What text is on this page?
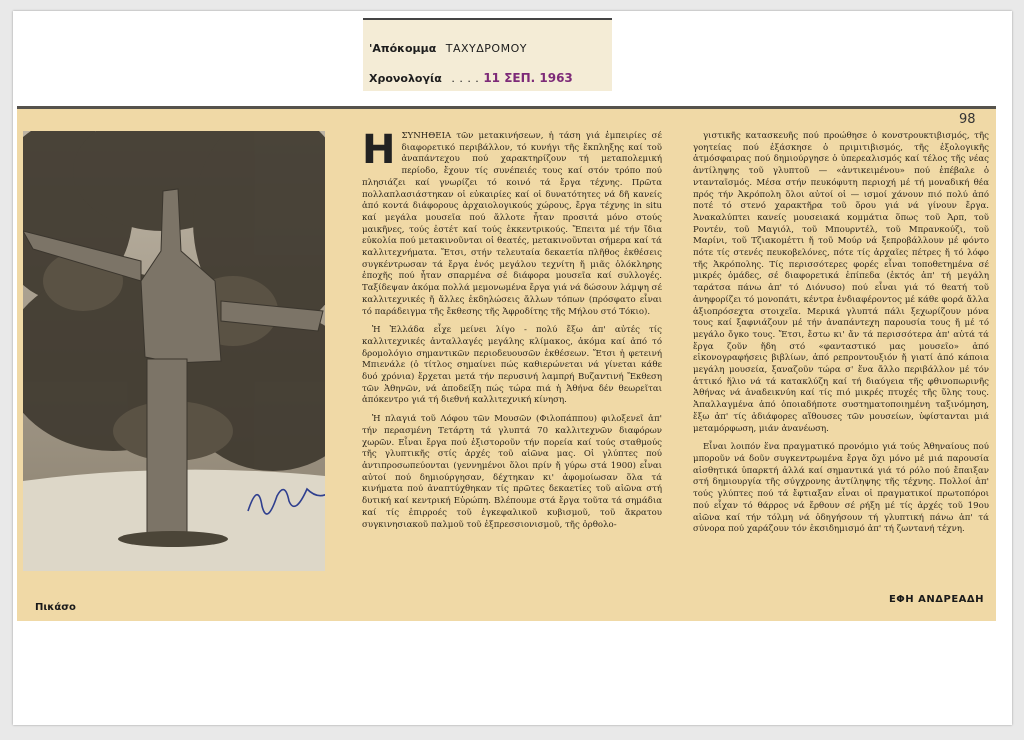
'Απόκομμα ΤΑΧΥΔΡΟΜΟΥ
Χρονολογία . . . . 11 ΣΕΠ. 1963
98
Πικάσο
Η ΣΥΝΗΘΕΙΑ τῶν μετακινήσεων, ἡ τάση γιά ἐμπειρίες σέ διαφορετικό περιβάλλον, τό κυνήγι τῆς ἔκπληξης καί τοῦ ἀναπάντεχου πού χαρακτηρίζουν τή μεταπολεμική περίοδο, ἔχουν τίς συνέπειές τους καί στόν τρόπο πού πλησιάζει καί γνωρίζει τό κοινό τά ἔργα τέχνης. Πρῶτα πολλαπλασιάστηκαν οἱ εὐκαιρίες καί οἱ δυνατότητες νά δῆ κανείς ἀπό κοντά διάφορους ἀρχαιολογικούς χώρους, ἔργα τέχνης in situ καί μεγάλα μουσεῖα πού ἄλλοτε ἦταν προσιτά μόνο στούς μαικῆνες, τούς ἐστέτ καί τούς ἐκκεντρικούς. Ἔπειτα μέ τήν ἴδια εὐκολία πού μετακινοῦνται οἱ θεατές, μετακινοῦνται σήμερα καί τά καλλιτεχνήματα. Ἔτσι, στήν τελευταία δεκαετία πλῆθος ἐκθέσεις συγκέντρωσαν τά ἔργα ἑνός μεγάλου τεχνίτη ἤ μιᾶς ὁλόκληρης ἐποχῆς πού ἦταν σπαρμένα σέ διάφορα μουσεῖα καί συλλογές. Ταξίδεψαν ἀκόμα πολλά μεμονωμένα ἔργα γιά νά δώσουν λάμψη σέ καλλιτεχνικές ἤ ἄλλες ἐκδηλώσεις ἄλλων τόπων (πρόσφατο εἶναι τό παράδειγμα τῆς ἔκθεσης τῆς Ἀφροδίτης τῆς Μήλου στό Τόκιο).

Ἡ Ἑλλάδα εἶχε μείνει λίγο - πολύ ἔξω ἀπ' αὐτές τίς καλλιτεχνικές ἀνταλλαγές μεγάλης κλίμακος, ἀκόμα καί ἀπό τό δρομολόγιο σημαντικῶν περιοδευουσῶν ἐκθέσεων. Ἔτσι ἡ φετεινή Μπιενάλε (ὁ τίτλος σημαίνει πώς καθιερώνεται νά γίνεται κάθε δυό χρόνια) ἔρχεται μετά τήν περυσινή λαμπρή Βυζαντινή Ἔκθεση τῶν Ἀθηνῶν, νά ἀποδείξη πώς τώρα πιά ἡ Ἀθήνα δέν θεωρεῖται ἀπόκεντρο γιά τή διεθνή καλλιτεχνική κίνηση.

Ἡ πλαγιά τοῦ Λόφου τῶν Μουσῶν (Φιλοπάππου) φιλοξενεῖ ἀπ' τήν περασμένη Τετάρτη τά γλυπτά 70 καλλιτεχνῶν διαφόρων χωρῶν. Εἶναι ἔργα πού ἐξιστοροῦν τήν πορεία καί τούς σταθμούς τῆς γλυπτικῆς στίς ἀρχές τοῦ αἰῶνα μας. Οἱ γλύπτες πού ἀντιπροσωπεύονται (γεννημένοι ὅλοι πρίν ἤ γύρω στά 1900) εἶναι αὐτοί πού δημιούργησαν, δέχτηκαν κι' ἀφομοίωσαν ὅλα τά κινήματα πού ἀναπτύχθηκαν τίς πρῶτες δεκαετίες τοῦ αἰῶνα στή δυτική καί κεντρική Εὐρώπη. Βλέπουμε στά ἔργα τοῦτα τά σημάδια καί τίς ἐπιρροές τοῦ ἐγκεφαλικοῦ κυβισμοῦ, τοῦ ἄκρατου συγκινησιακοῦ παλμοῦ τοῦ ἐξπρεσσιονισμοῦ, τῆς ὀρθολο-

γιστικῆς κατασκευῆς πού προώθησε ὁ κονστρουκτιβισμός, τῆς γοητείας πού ἐξάσκησε ὁ πριμιτιβισμός, τῆς ἐξολογικῆς ἀτμόσφαιρας πού δημιούργησε ὁ ὑπερεαλισμός καί τέλος τῆς νέας ἀντίληψης τοῦ γλυπτοῦ — «ἀντικειμένου» πού ἐπέβαλε ὁ ντανταϊσμός. Μέσα στήν πευκόφυτη περιοχή μέ τή μοναδική θέα πρός τήν Ἀκρόπολη ὅλοι αὐτοί οἱ — ισμοί χάνουν πιό πολύ ἀπό ποτέ τό στενό χαρακτῆρα τοῦ ὅρου γιά νά γίνουν ἔργα. Ἀνακαλύπτει κανείς μουσειακά κομμάτια ὅπως τοῦ Ἀρπ, τοῦ Ροντέν, τοῦ Μαγιόλ, τοῦ Μπουρντέλ, τοῦ Μπρανκούζι, τοῦ Μαρίνι, τοῦ Τζιακομέττι ἤ τοῦ Μούρ νά ξεπροβάλλουν μέ φόντο πότε τίς στενές πευκοβελόνες, πότε τίς ἀρχαῖες πέτρες ἤ τό λόφο τῆς Ἀκρόπολης. Τίς περισσότερες φορές εἶναι τοποθετημένα σέ μικρές ὁμάδες, σέ διαφορετικά ἐπίπεδα (ἐκτός ἀπ' τή μεγάλη ταράτσα πάνω ἀπ' τό Διόνυσο) πού εἶναι γιά τό θεατή τοῦ ἀνηφορίζει τό μονοπάτι, κέντρα ἐνδιαφέροντος μέ κάθε φορά ἄλλα ἀξιοπρόσεχτα στοιχεῖα. Μερικά γλυπτά πάλι ξεχωρίζουν μόνα τους καί ξαφνιάζουν μέ τήν ἀναπάντεχη παρουσία τους ἤ μέ τό μεγάλο ὄγκο τους. Ἔτσι, ἔστω κι' ἄν τά περισσότερα ἀπ' αὐτά τά ἔργα ζοῦν ἤδη στό «φανταστικό μας μουσεῖο» ἀπό εἰκονογραφήσεις βιβλίων, ἀπό ρεπροντουξιόν ἤ γιατί ἀπό κάποια μεγάλη μουσεία, ξαναζοῦν τώρα σ' ἕνα ἄλλο περιβάλλον μέ τόν ἀττικό ἥλιο νά τά κατακλύζη καί τή διαύγεια τῆς φθινοπωρινῆς Ἀθήνας νά ἀναδεικνύη καί τίς πιό μικρές πτυχές τῆς ὕλης τους. Ἀπαλλαγμένα ἀπό ὁποιαδήποτε συστηματοποιημένη ταξινόμηση, ἔξω ἀπ' τίς ἀδιάφορες αἴθουσες τῶν μουσείων, ὑφίστανται μιά μεταμόρφωση, μιάν ἀνανέωση.

Εἶναι λοιπόν ἕνα πραγματικό προνόμιο γιά τούς Ἀθηναίους πού μποροῦν νά δοῦν συγκεντρωμένα ἔργα ὄχι μόνο μέ μιά παρουσία αἰσθητικά ὑπαρκτή ἀλλά καί σημαντικά γιά τό ρόλο πού ἔπαιξαν στή δημιουργία τῆς σύγχρονης ἀντίληψης τῆς τέχνης. Πολλοί ἀπ' τούς γλύπτες πού τά ἔφτιαξαν εἶναι οἱ πραγματικοί πρωτοπόροι πού εἶχαν τό θάρρος νά ἔρθουν σέ ρήξη μέ τίς ἀρχές τοῦ 19ου αἰῶνα καί τήν τόλμη νά ὁδηγήσουν τή γλυπτική πάνω ἀπ' τά σύνορα πού χαράζουν τόν ἐκσιδημισμό ἀπ' τή ζωντανή τέχνη.

ΕΦΗ ΑΝΔΡΕΑΔΗ
